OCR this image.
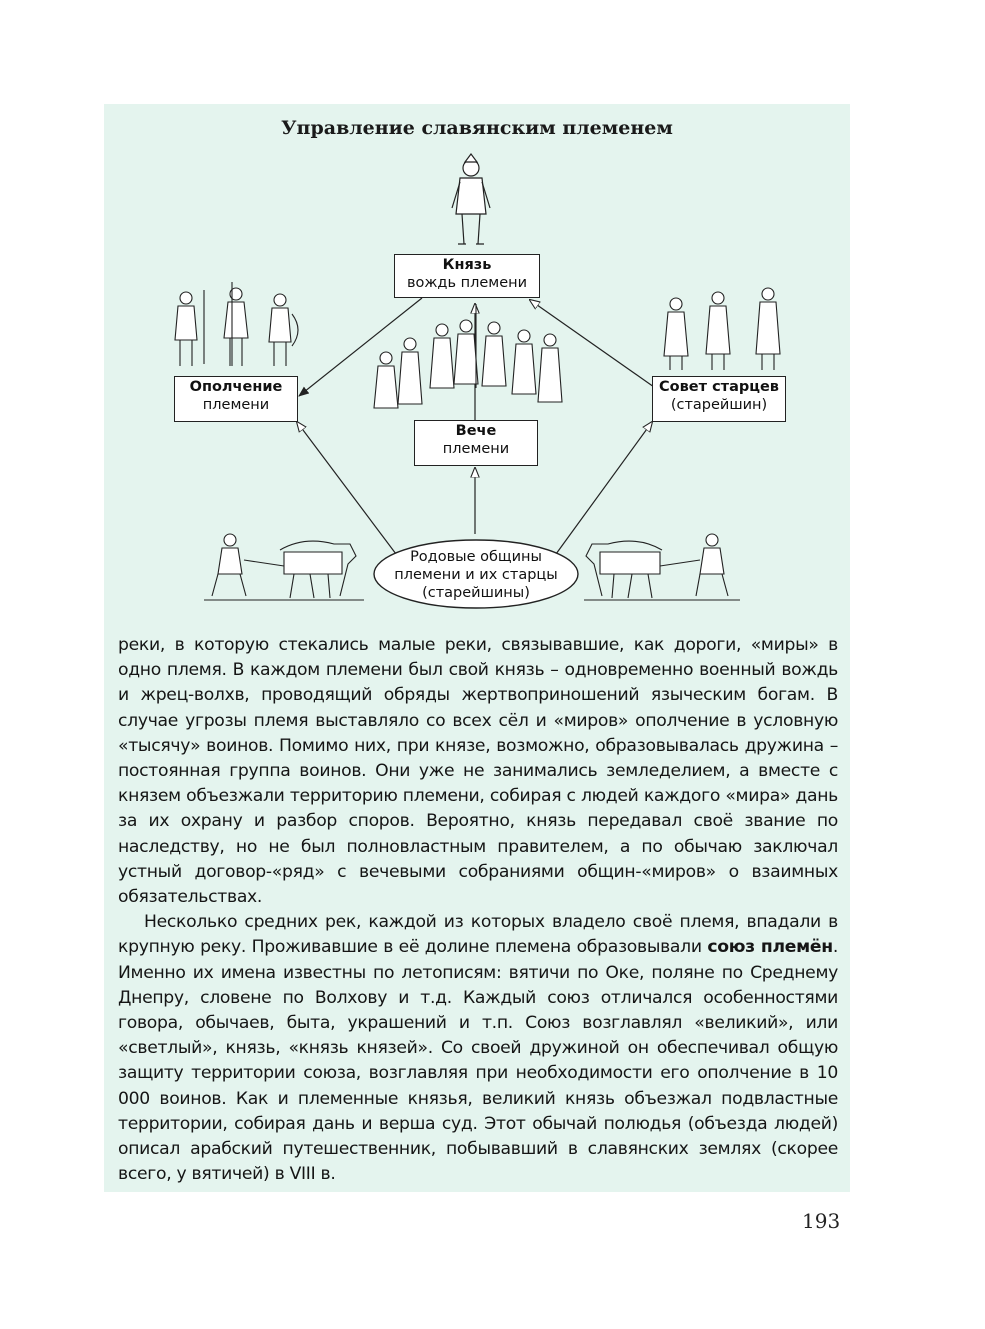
Управление славянским племенем
Князь
вождь племени
Ополчение
племени
Совет старцев
(старейшин)
Вече
племени
Родовые общины
племени и их старцы
(старейшины)

реки, в которую стекались малые реки, связывавшие, как дороги, «миры» в одно племя. В каждом племени был свой князь – одновременно военный вождь и жрец-волхв, проводящий обряды жертвоприношений языческим богам. В случае угрозы племя выставляло со всех сёл и «миров» ополчение в условную «тысячу» воинов. Помимо них, при князе, возможно, образовывалась дружина – постоянная группа воинов. Они уже не занимались земледелием, а вместе с князем объезжали территорию племени, собирая с людей каждого «мира» дань за их охрану и разбор споров. Вероятно, князь передавал своё звание по наследству, но не был полновластным правителем, а по обычаю заключал устный договор-«ряд» с вечевыми собраниями общин-«миров» о взаимных обязательствах.

Несколько средних рек, каждой из которых владело своё племя, впадали в крупную реку. Проживавшие в её долине племена образовывали союз племён. Именно их имена известны по летописям: вятичи по Оке, поляне по Среднему Днепру, словене по Волхову и т.д. Каждый союз отличался особенностями говора, обычаев, быта, украшений и т.п. Союз возглавлял «великий», или «светлый», князь, «князь князей». Со своей дружиной он обеспечивал общую защиту территории союза, возглавляя при необходимости его ополчение в 10 000 воинов. Как и племенные князья, великий князь объезжал подвластные территории, собирая дань и верша суд. Этот обычай полюдья (объезда людей) описал арабский путешественник, побывавший в славянских землях (скорее всего, у вятичей) в VIII в.

193
